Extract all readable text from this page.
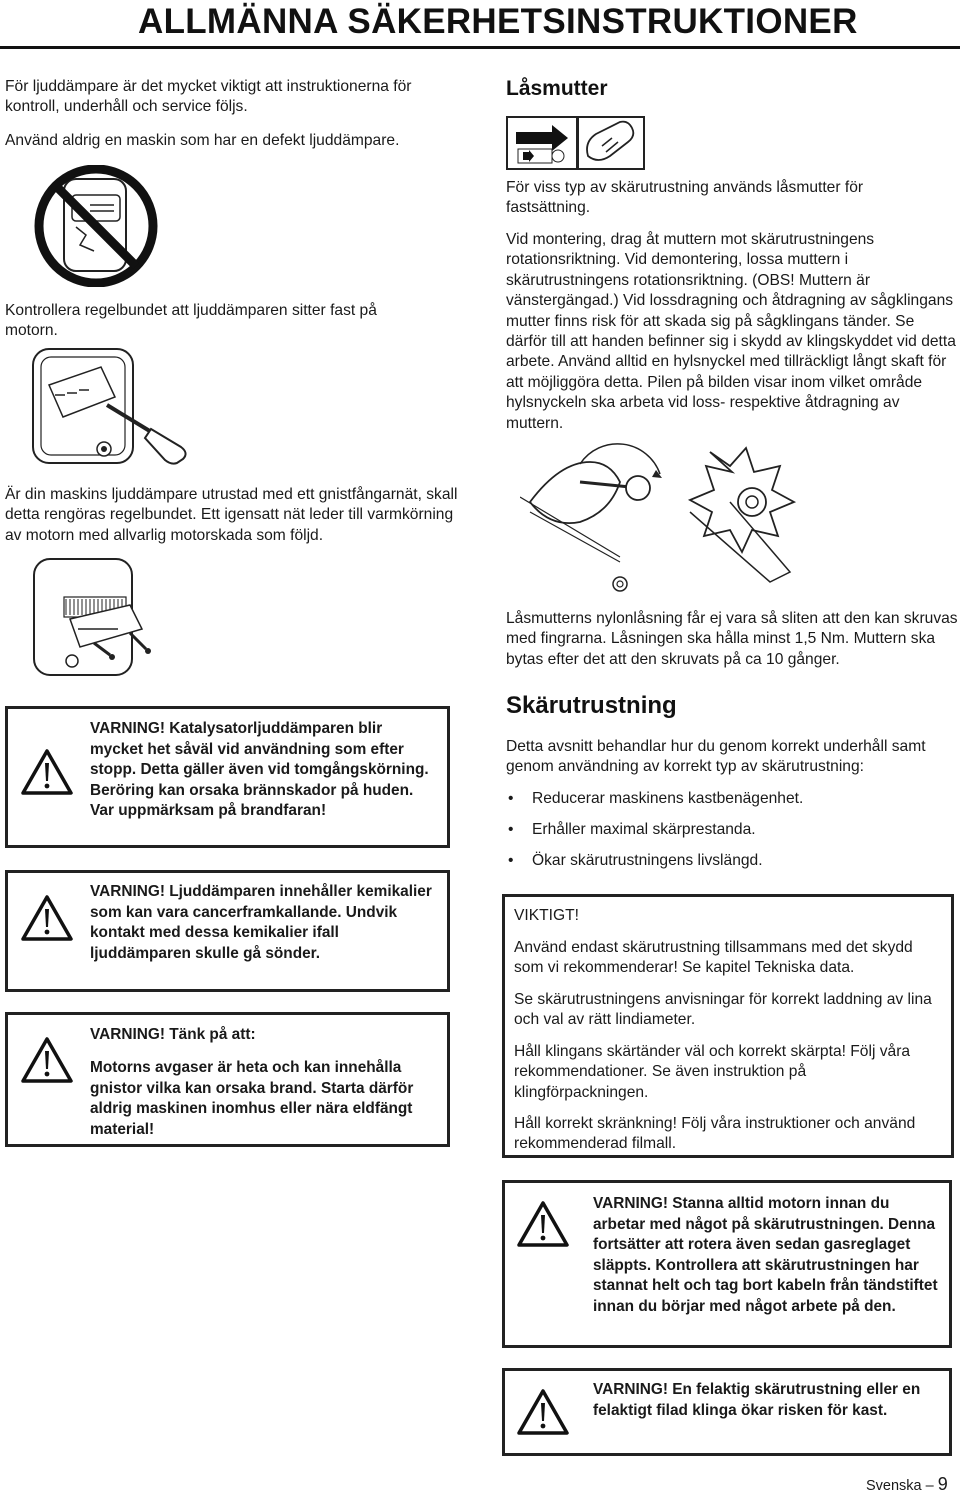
ALLMÄNNA SÄKERHETSINSTRUKTIONER

För ljuddämpare är det mycket viktigt att instruktionerna för kontroll, underhåll och service följs.

Använd aldrig en maskin som har en defekt ljuddämpare.

Kontrollera regelbundet att ljuddämparen sitter fast på motorn.

Är din maskins ljuddämpare utrustad med ett gnistfångarnät, skall detta rengöras regelbundet. Ett igensatt nät leder till varmkörning av motorn med allvarlig motorskada som följd.

VARNING! Katalysatorljuddämparen blir mycket het såväl vid användning som efter stopp. Detta gäller även vid tomgångskörning. Beröring kan orsaka brännskador på huden. Var uppmärksam på brandfaran!
VARNING! Ljuddämparen innehåller kemikalier som kan vara cancerframkallande. Undvik kontakt med dessa kemikalier ifall ljuddämparen skulle gå sönder.
VARNING! Tänk på att:
Motorns avgaser är heta och kan innehålla gnistor vilka kan orsaka brand. Starta därför aldrig maskinen inomhus eller nära eldfängt material!
Låsmutter

För viss typ av skärutrustning används låsmutter för fastsättning.

Vid montering, drag åt muttern mot skärutrustningens rotationsriktning. Vid demontering, lossa muttern i skärutrustningens rotationsriktning. (OBS! Muttern är vänstergängad.) Vid lossdragning och åtdragning av sågklingans mutter finns risk för att skada sig på sågklingans tänder. Se därför till att handen befinner sig i skydd av klingskyddet vid detta arbete. Använd alltid en hylsnyckel med tillräckligt långt skaft för att möjliggöra detta. Pilen på bilden visar inom vilket område hylsnyckeln ska arbeta vid loss- respektive åtdragning av muttern.

Låsmutterns nylonlåsning får ej vara så sliten att den kan skruvas med fingrarna. Låsningen ska hålla minst 1,5 Nm. Muttern ska bytas efter det att den skruvats på ca 10 gånger.

Skärutrustning

Detta avsnitt behandlar hur du genom korrekt underhåll samt genom användning av korrekt typ av skärutrustning:

• Reducerar maskinens kastbenägenhet.
• Erhåller maximal skärprestanda.
• Ökar skärutrustningens livslängd.
VIKTIGT!

Använd endast skärutrustning tillsammans med det skydd som vi rekommenderar! Se kapitel Tekniska data.

Se skärutrustningens anvisningar för korrekt laddning av lina och val av rätt lindiameter.

Håll klingans skärtänder väl och korrekt skärpta! Följ våra rekommendationer. Se även instruktion på klingförpackningen.

Håll korrekt skränkning! Följ våra instruktioner och använd rekommenderad filmall.

VARNING! Stanna alltid motorn innan du arbetar med något på skärutrustningen. Denna fortsätter att rotera även sedan gasreglaget släppts. Kontrollera att skärutrustningen har stannat helt och tag bort kabeln från tändstiftet innan du börjar med något arbete på den.
VARNING! En felaktig skärutrustning eller en felaktigt filad klinga ökar risken för kast.
Svenska – 9
